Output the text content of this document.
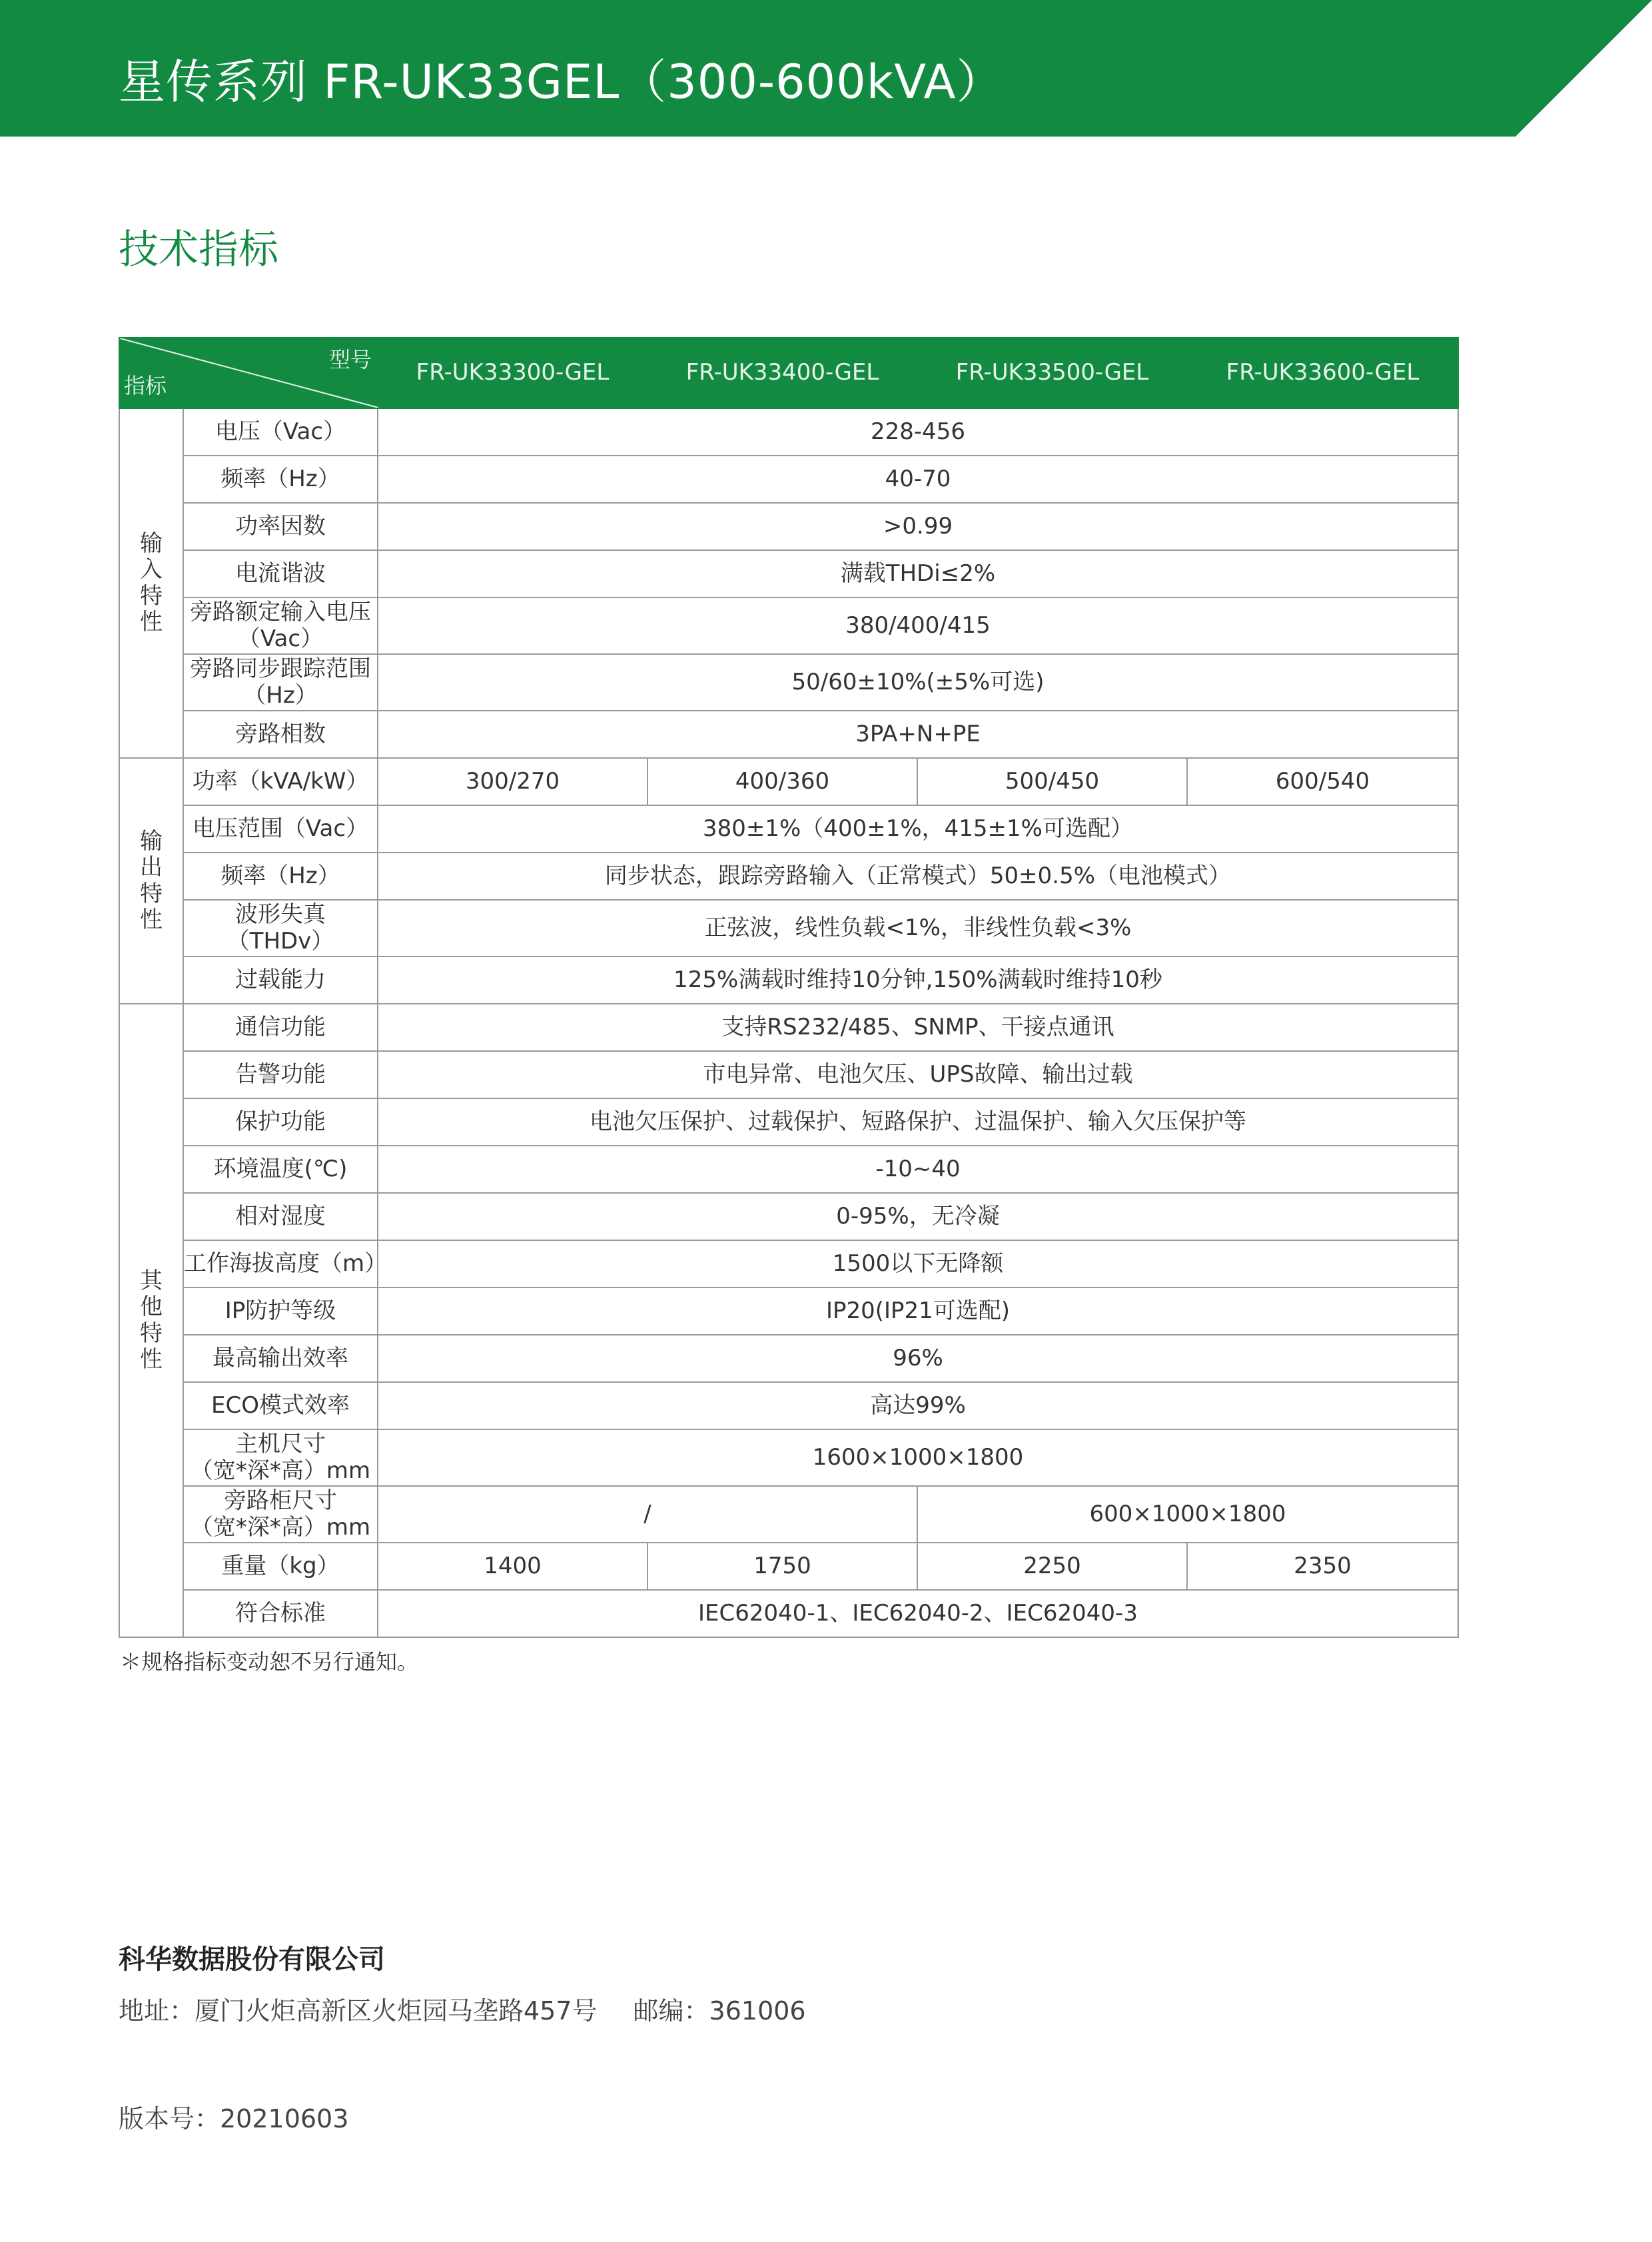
星传系列 FR-UK33GEL（300-600kVA）
技术指标
型号
指标		FR-UK33300-GEL	FR-UK33400-GEL	FR-UK33500-GEL	FR-UK33600-GEL
输入特性	电压（Vac）	228-456			
	频率（Hz）	40-70			
	功率因数	>0.99			
	电流谐波	满载THDi≤2%			

	旁路额定输入电压
（Vac）	380/400/415			

	旁路同步跟踪范围
（Hz）	50/60±10%(±5%可选)			
	旁路相数	3PA+N+PE			
输出特性	功率（kVA/kW）	300/270	400/360	500/450	600/540
	电压范围（Vac）	380±1%（400±1%，415±1%可选配）			
	频率（Hz）	同步状态，跟踪旁路输入（正常模式）50±0.5%（电池模式）			

	波形失真
（THDv）	正弦波，线性负载<1%，非线性负载<3%			
	过载能力	125%满载时维持10分钟,150%满载时维持10秒			
其他特性	通信功能	支持RS232/485、SNMP、干接点通讯			
	告警功能	市电异常、电池欠压、UPS故障、输出过载			
	保护功能	电池欠压保护、过载保护、短路保护、过温保护、输入欠压保护等			
	环境温度(℃)	-10~40			
	相对湿度	0-95%，无冷凝			
	工作海拔高度（m）	1500以下无降额			
	IP防护等级	IP20(IP21可选配)			
	最高输出效率	96%			
	ECO模式效率	高达99%			

	主机尺寸
（宽*深*高）mm	1600×1000×1800			

	旁路柜尺寸
（宽*深*高）mm	/		600×1000×1800	
	重量（kg）	1400	1750	2250	2350
	符合标准	IEC62040-1、IEC62040-2、IEC62040-3			
＊规格指标变动恕不另行通知。
科华数据股份有限公司
地址：厦门火炬高新区火炬园马垄路457号 邮编：361006
版本号：20210603
